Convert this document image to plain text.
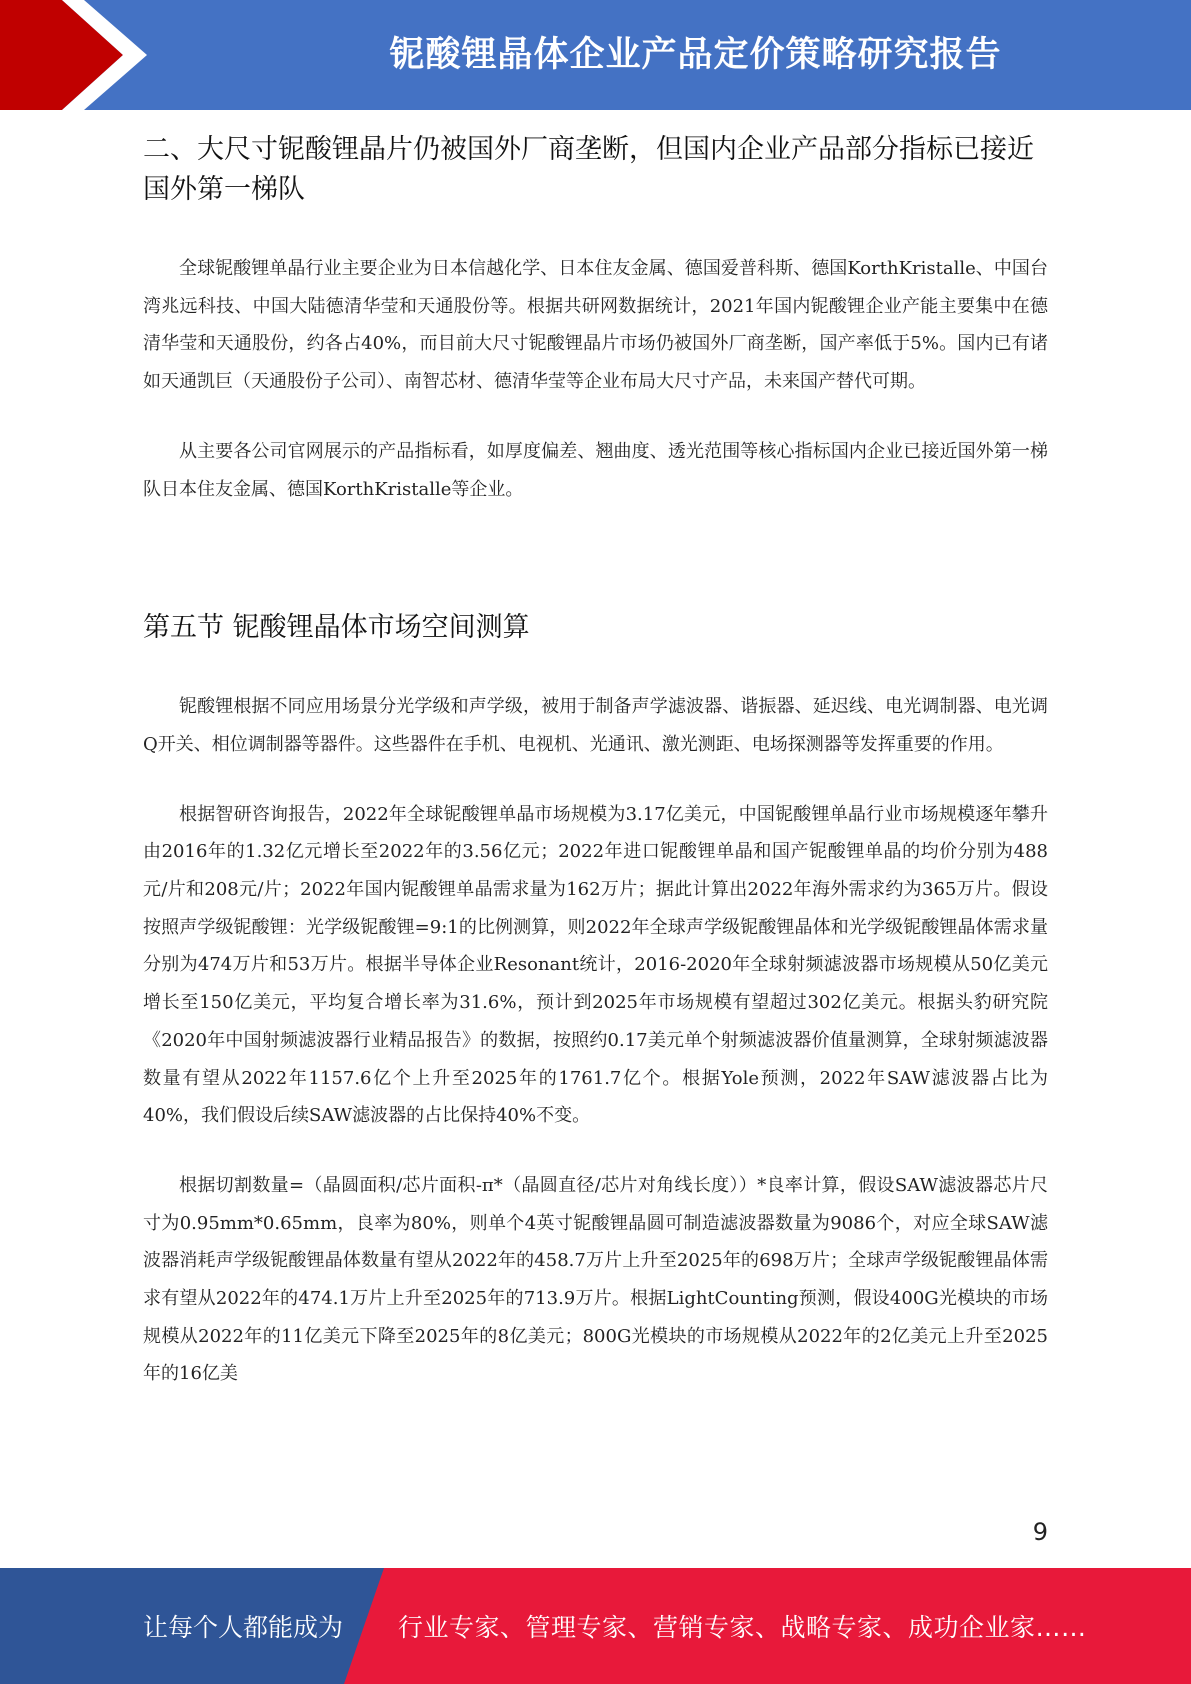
铌酸锂晶体企业产品定价策略研究报告
二、大尺寸铌酸锂晶片仍被国外厂商垄断，但国内企业产品部分指标已接近国外第一梯队

全球铌酸锂单晶行业主要企业为日本信越化学、日本住友金属、德国爱普科斯、德国KorthKristalle、中国台湾兆远科技、中国大陆德清华莹和天通股份等。根据共研网数据统计，2021年国内铌酸锂企业产能主要集中在德清华莹和天通股份，约各占40%，而目前大尺寸铌酸锂晶片市场仍被国外厂商垄断，国产率低于5%。国内已有诸如天通凯巨（天通股份子公司）、南智芯材、德清华莹等企业布局大尺寸产品，未来国产替代可期。

从主要各公司官网展示的产品指标看，如厚度偏差、翘曲度、透光范围等核心指标国内企业已接近国外第一梯队日本住友金属、德国KorthKristalle等企业。

第五节 铌酸锂晶体市场空间测算

铌酸锂根据不同应用场景分光学级和声学级，被用于制备声学滤波器、谐振器、延迟线、电光调制器、电光调Q开关、相位调制器等器件。这些器件在手机、电视机、光通讯、激光测距、电场探测器等发挥重要的作用。

根据智研咨询报告，2022年全球铌酸锂单晶市场规模为3.17亿美元，中国铌酸锂单晶行业市场规模逐年攀升由2016年的1.32亿元增长至2022年的3.56亿元；2022年进口铌酸锂单晶和国产铌酸锂单晶的均价分别为488元/片和208元/片；2022年国内铌酸锂单晶需求量为162万片；据此计算出2022年海外需求约为365万片。假设按照声学级铌酸锂：光学级铌酸锂=9:1的比例测算，则2022年全球声学级铌酸锂晶体和光学级铌酸锂晶体需求量分别为474万片和53万片。根据半导体企业Resonant统计，2016-2020年全球射频滤波器市场规模从50亿美元增长至150亿美元，平均复合增长率为31.6%，预计到2025年市场规模有望超过302亿美元。根据头豹研究院《2020年中国射频滤波器行业精品报告》的数据，按照约0.17美元单个射频滤波器价值量测算，全球射频滤波器数量有望从2022年1157.6亿个上升至2025年的1761.7亿个。根据Yole预测，2022年SAW滤波器占比为40%，我们假设后续SAW滤波器的占比保持40%不变。

根据切割数量=（晶圆面积/芯片面积-π*（晶圆直径/芯片对角线长度））*良率计算，假设SAW滤波器芯片尺寸为0.95mm*0.65mm，良率为80%，则单个4英寸铌酸锂晶圆可制造滤波器数量为9086个，对应全球SAW滤波器消耗声学级铌酸锂晶体数量有望从2022年的458.7万片上升至2025年的698万片；全球声学级铌酸锂晶体需求有望从2022年的474.1万片上升至2025年的713.9万片。根据LightCounting预测，假设400G光模块的市场规模从2022年的11亿美元下降至2025年的8亿美元；800G光模块的市场规模从2022年的2亿美元上升至2025年的16亿美

9
让每个人都能成为 行业专家、管理专家、营销专家、战略专家、成功企业家……
